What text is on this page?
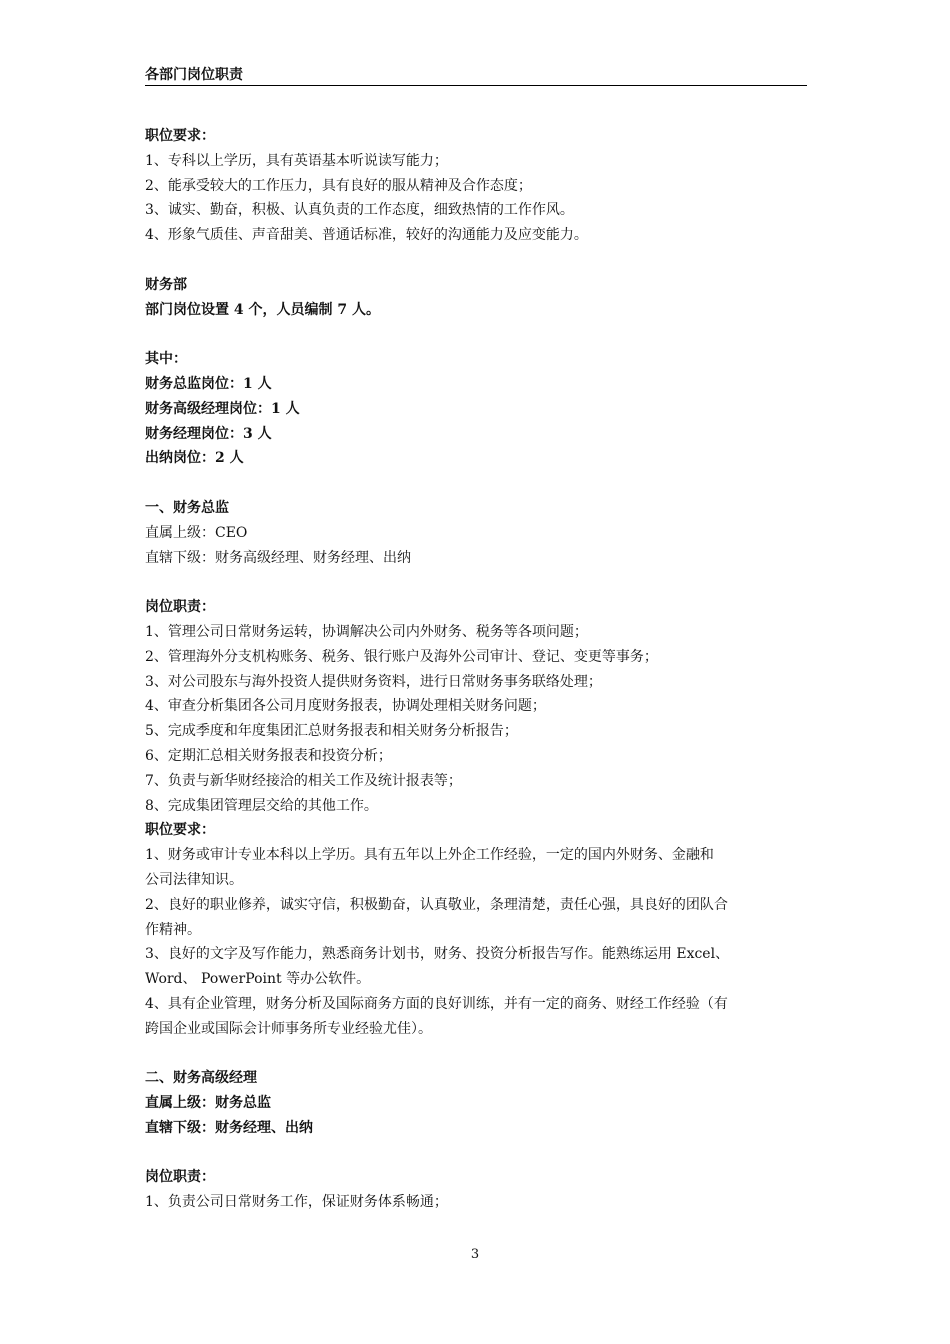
各部门岗位职责
职位要求：
1、专科以上学历，具有英语基本听说读写能力；
2、能承受较大的工作压力，具有良好的服从精神及合作态度；
3、诚实、勤奋，积极、认真负责的工作态度，细致热情的工作作风。
4、形象气质佳、声音甜美、普通话标准，较好的沟通能力及应变能力。
财务部
部门岗位设置 4 个，人员编制 7 人。
其中：
财务总监岗位：1 人
财务高级经理岗位：1 人
财务经理岗位：3 人
出纳岗位：2 人
一、财务总监
直属上级：CEO
直辖下级：财务高级经理、财务经理、出纳
岗位职责：
1、管理公司日常财务运转，协调解决公司内外财务、税务等各项问题；
2、管理海外分支机构账务、税务、银行账户及海外公司审计、登记、变更等事务；
3、对公司股东与海外投资人提供财务资料，进行日常财务事务联络处理；
4、审查分析集团各公司月度财务报表，协调处理相关财务问题；
5、完成季度和年度集团汇总财务报表和相关财务分析报告；
6、定期汇总相关财务报表和投资分析；
7、负责与新华财经接洽的相关工作及统计报表等；
8、完成集团管理层交给的其他工作。
职位要求：
1、财务或审计专业本科以上学历。具有五年以上外企工作经验，一定的国内外财务、金融和
公司法律知识。
2、良好的职业修养，诚实守信，积极勤奋，认真敬业，条理清楚，责任心强，具良好的团队合
作精神。
3、良好的文字及写作能力，熟悉商务计划书，财务、投资分析报告写作。能熟练运用 Excel、
Word、 PowerPoint 等办公软件。
4、具有企业管理，财务分析及国际商务方面的良好训练，并有一定的商务、财经工作经验（有
跨国企业或国际会计师事务所专业经验尤佳）。
二、财务高级经理
直属上级：财务总监
直辖下级：财务经理、出纳
岗位职责：
1、负责公司日常财务工作，保证财务体系畅通；
3
